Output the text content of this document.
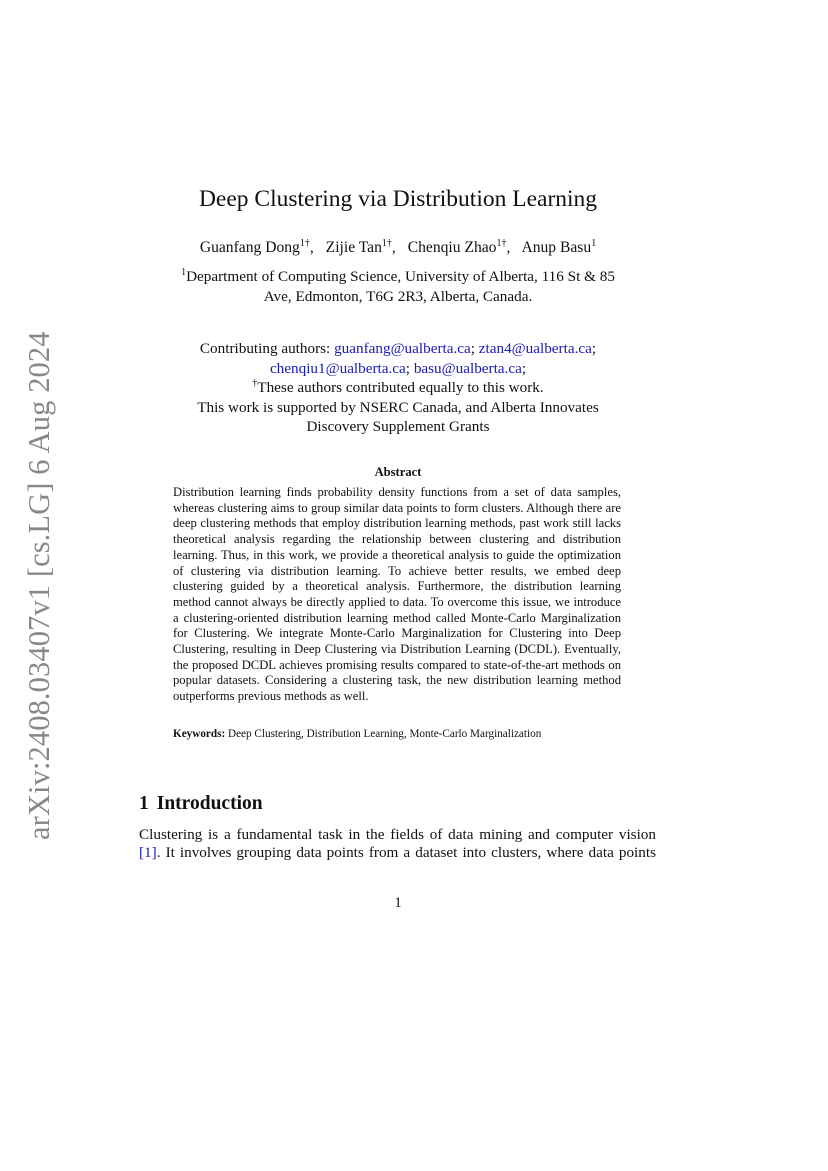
arXiv:2408.03407v1 [cs.LG] 6 Aug 2024
Deep Clustering via Distribution Learning
Guanfang Dong$^{1\dagger}$, Zijie Tan$^{1\dagger}$, Chenqiu Zhao$^{1\dagger}$, Anup Basu$^1$
$^1$Department of Computing Science, University of Alberta, 116 St & 85
Ave, Edmonton, T6G 2R3, Alberta, Canada.
Contributing authors: guanfang@ualberta.ca; ztan4@ualberta.ca;
chenqiu1@ualberta.ca; basu@ualberta.ca;
†These authors contributed equally to this work.
This work is supported by NSERC Canada, and Alberta Innovates
Discovery Supplement Grants
Abstract
Distribution learning finds probability density functions from a set of data samples, whereas clustering aims to group similar data points to form clusters. Although there are deep clustering methods that employ distribution learning methods, past work still lacks theoretical analysis regarding the relationship between clustering and distribution learning. Thus, in this work, we provide a theoretical analysis to guide the optimization of clustering via distribution learning. To achieve better results, we embed deep clustering guided by a theoretical analysis. Furthermore, the distribution learning method cannot always be directly applied to data. To overcome this issue, we introduce a clustering-oriented distribution learning method called Monte-Carlo Marginalization for Clustering. We integrate Monte-Carlo Marginalization for Clustering into Deep Clustering, resulting in Deep Clustering via Distribution Learning (DCDL). Eventually, the proposed DCDL achieves promising results compared to state-of-the-art methods on popular datasets. Considering a clustering task, the new distribution learning method outperforms previous methods as well.
Keywords: Deep Clustering, Distribution Learning, Monte-Carlo Marginalization
1 Introduction
Clustering is a fundamental task in the fields of data mining and computer vision
[1]. It involves grouping data points from a dataset into clusters, where data points
1
